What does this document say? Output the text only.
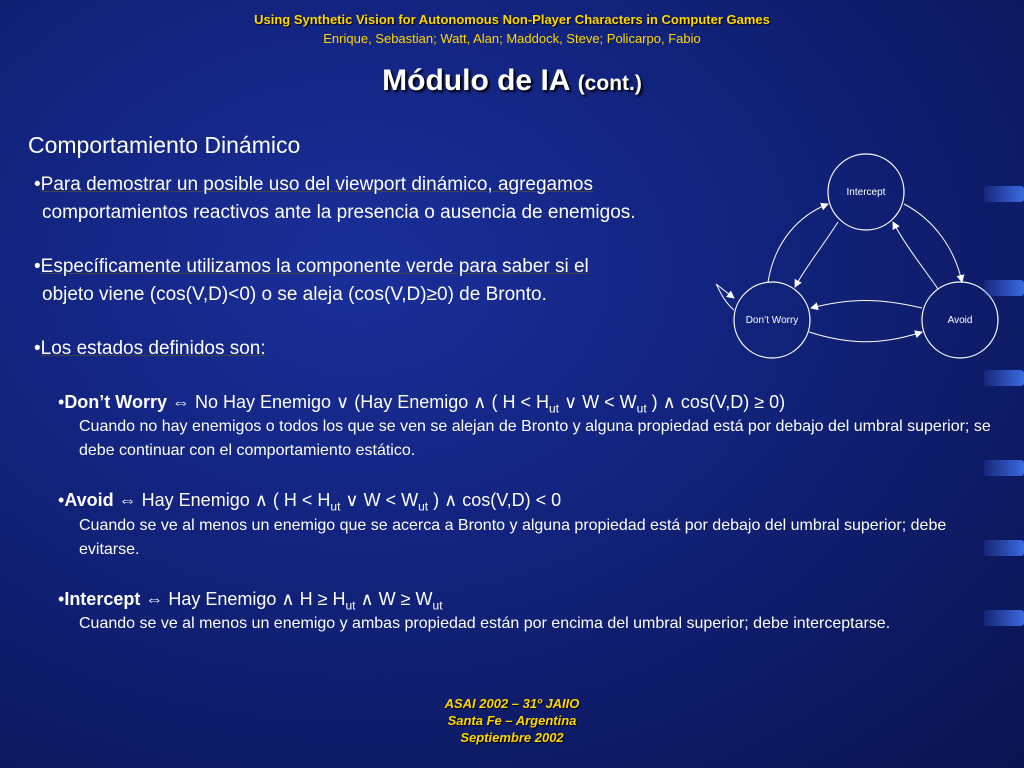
Using Synthetic Vision for Autonomous Non-Player Characters in Computer Games
Enrique, Sebastian; Watt, Alan; Maddock, Steve; Policarpo, Fabio
Módulo de IA (cont.)
Comportamiento Dinámico
•Para demostrar un posible uso del viewport dinámico, agregamos
comportamientos reactivos ante la presencia o ausencia de enemigos.
•Específicamente utilizamos la componente verde para saber si el
objeto viene (cos(V,D)<0) o se aleja (cos(V,D)≥0) de Bronto.
•Los estados definidos son:
•Don’t Worry ⇔ No Hay Enemigo ∨ (Hay Enemigo ∧ ( $H < H_{ut}$ ∨ $W < W_{ut}$ ) ∧ cos(V,D) ≥ 0)
Cuando no hay enemigos o todos los que se ven se alejan de Bronto y alguna propiedad está por debajo del umbral superior; se debe continuar con el comportamiento estático.
•Avoid ⇔ Hay Enemigo ∧ ( $H < H_{ut}$ ∨ $W < W_{ut}$ ) ∧ cos(V,D) < 0
Cuando se ve al menos un enemigo que se acerca a Bronto y alguna propiedad está por debajo del umbral superior; debe evitarse.
•Intercept ⇔ Hay Enemigo ∧ $H \ge H_{ut}$ ∧ $W \ge W_{ut}$
Cuando se ve al menos un enemigo y ambas propiedad están por encima del umbral superior; debe interceptarse.
Intercept
Don’t Worry	Avoid
ASAI 2002 – 31º JAIIO
Santa Fe – Argentina
Septiembre 2002
